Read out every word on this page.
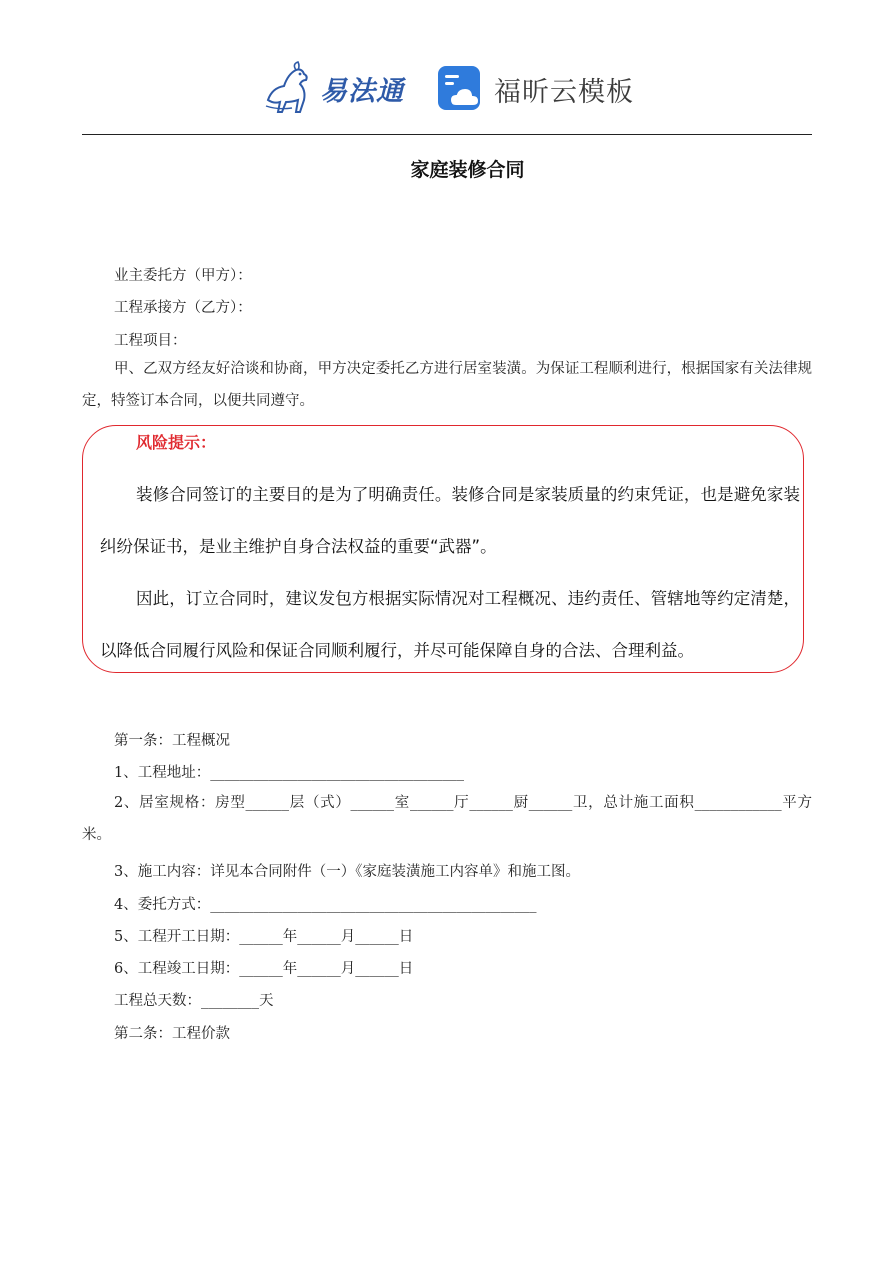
易法通	福昕云模板
家庭装修合同
业主委托方（甲方）：
工程承接方（乙方）：
工程项目：
甲、乙双方经友好洽谈和协商，甲方决定委托乙方进行居室装潢。为保证工程顺利进行，根据国家有关法律规定，特签订本合同，以便共同遵守。
风险提示：
装修合同签订的主要目的是为了明确责任。装修合同是家装质量的约束凭证，也是避免家装纠纷保证书，是业主维护自身合法权益的重要“武器”。
因此，订立合同时，建议发包方根据实际情况对工程概况、违约责任、管辖地等约定清楚，以降低合同履行风险和保证合同顺利履行，并尽可能保障自身的合法、合理利益。
第一条：工程概况
1、工程地址：___________________________________
2、居室规格：房型______层（式）______室______厅______厨______卫，总计施工面积____________平方米。
3、施工内容：详见本合同附件（一）《家庭装潢施工内容单》和施工图。
4、委托方式：_____________________________________________
5、工程开工日期：______年______月______日
6、工程竣工日期：______年______月______日
工程总天数：________天
第二条：工程价款
